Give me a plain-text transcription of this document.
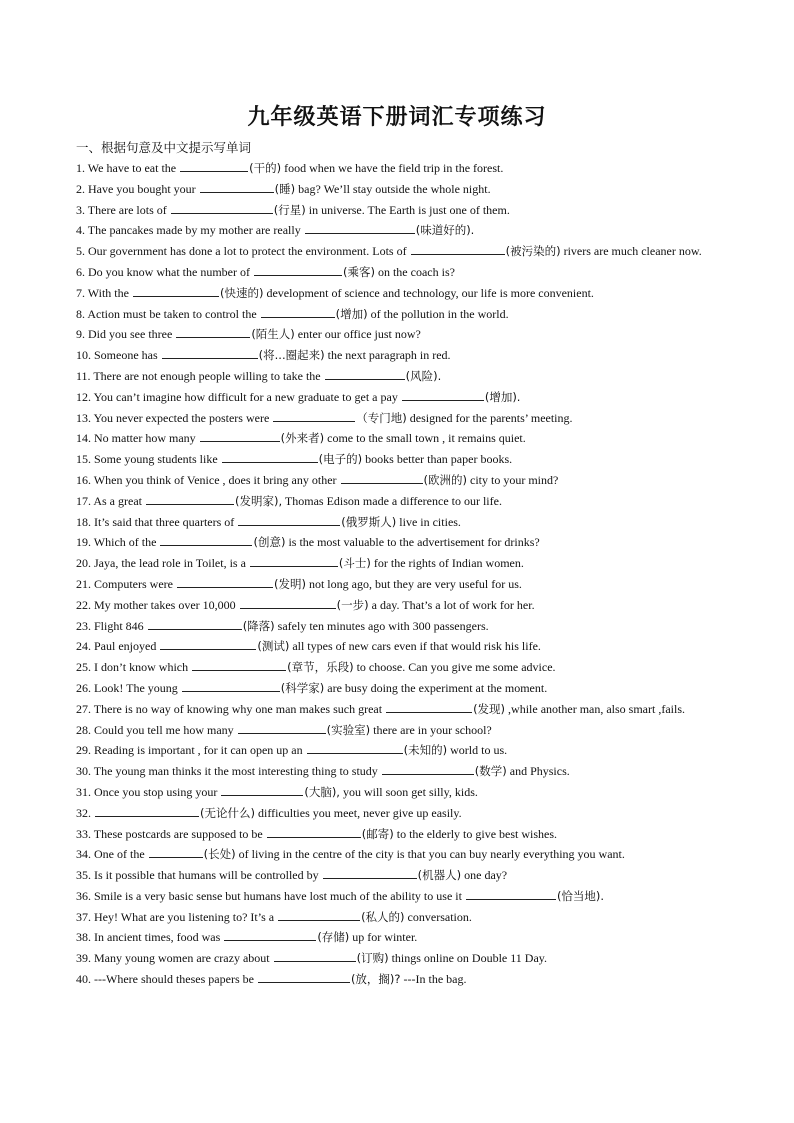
九年级英语下册词汇专项练习
一、根据句意及中文提示写单词
1. We have to eat the	(干的) food when we have the field trip in the forest.
2. Have you bought your	(睡) bag? We’ll stay outside the whole night.
3. There are lots of	(行星) in universe. The Earth is just one of them.
4. The pancakes made by my mother are really	(味道好的).
5. Our government has done a lot to protect the environment. Lots of	(被污染的) rivers are much cleaner now.
6. Do you know what the number of	(乘客) on the coach is?
7. With the	(快速的) development of science and technology, our life is more convenient.
8. Action must be taken to control the	(增加) of the pollution in the world.
9. Did you see three	(陌生人) enter our office just now?
10. Someone has	(将...圈起来) the next paragraph in red.
11. There are not enough people willing to take the	(风险).
12. You can’t imagine how difficult for a new graduate to get a pay	(增加).
13. You never expected the posters were	（专门地) designed for the parents’ meeting.
14. No matter how many	(外来者) come to the small town , it remains quiet.
15. Some young students like	(电子的) books better than paper books.
16. When you think of Venice , does it bring any other	(欧洲的) city to your mind?
17. As a great	(发明家), Thomas Edison made a difference to our life.
18. It’s said that three quarters of	(俄罗斯人) live in cities.
19. Which of the	(创意) is the most valuable to the advertisement for drinks?
20. Jaya, the lead role in Toilet, is a	(斗士) for the rights of Indian women.
21. Computers were	(发明) not long ago, but they are very useful for us.
22. My mother takes over 10,000	(一步) a day. That’s a lot of work for her.
23. Flight 846	(降落) safely ten minutes ago with 300 passengers.
24. Paul enjoyed	(测试) all types of new cars even if that would risk his life.
25. I don’t know which	(章节，乐段) to choose. Can you give me some advice.
26. Look! The young	(科学家) are busy doing the experiment at the moment.
27. There is no way of knowing why one man makes such great	(发现) ,while another man, also smart ,fails.
28. Could you tell me how many	(实验室) there are in your school?
29. Reading is important , for it can open up an	(未知的) world to us.
30. The young man thinks it the most interesting thing to study	(数学) and Physics.
31. Once you stop using your	(大脑), you will soon get silly, kids.
32.	(无论什么) difficulties you meet, never give up easily.
33. These postcards are supposed to be	(邮寄) to the elderly to give best wishes.
34. One of the	(长处) of living in the centre of the city is that you can buy nearly everything you want.
35. Is it possible that humans will be controlled by	(机器人) one day?
36. Smile is a very basic sense but humans have lost much of the ability to use it	(恰当地).
37. Hey! What are you listening to? It’s a	(私人的) conversation.
38. In ancient times, food was	(存储) up for winter.
39. Many young women are crazy about	(订购) things online on Double 11 Day.
40. ---Where should theses papers be	(放，搁)? ---In the bag.
